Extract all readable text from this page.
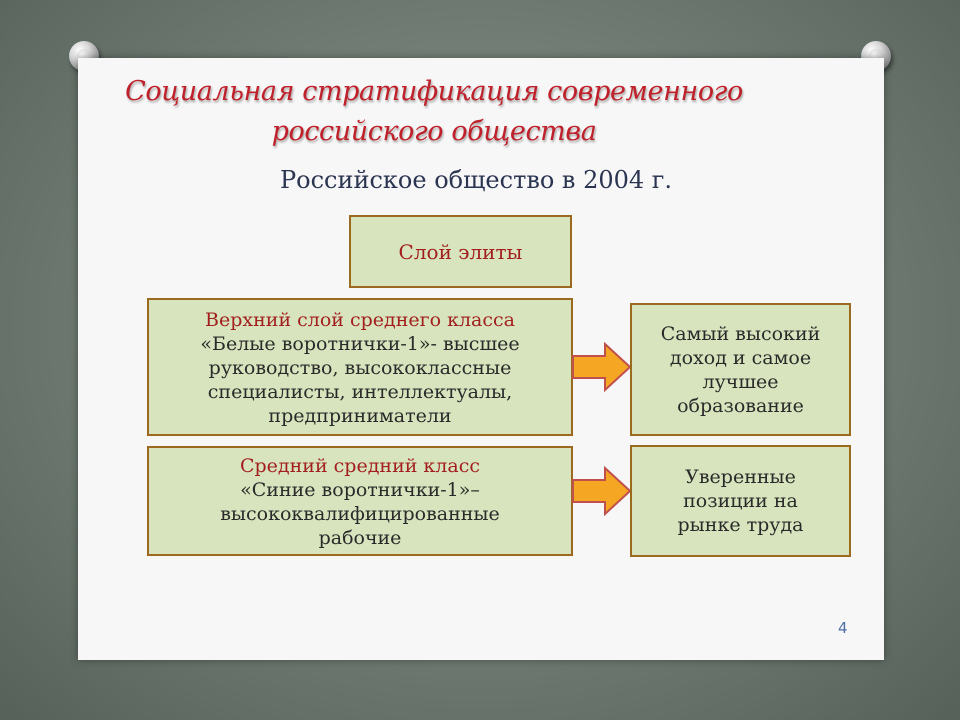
Социальная стратификация современного
российского общества
Российское общество в 2004 г.
Слой элиты
Верхний слой среднего класса
«Белые воротнички-1»- высшее
руководство, высококлассные
специалисты, интеллектуалы,
предприниматели
Средний средний класс
«Синие воротнички-1»–
высококвалифицированные
рабочие
Самый высокий
доход и самое
лучшее
образование
Уверенные
позиции на
рынке труда
4
